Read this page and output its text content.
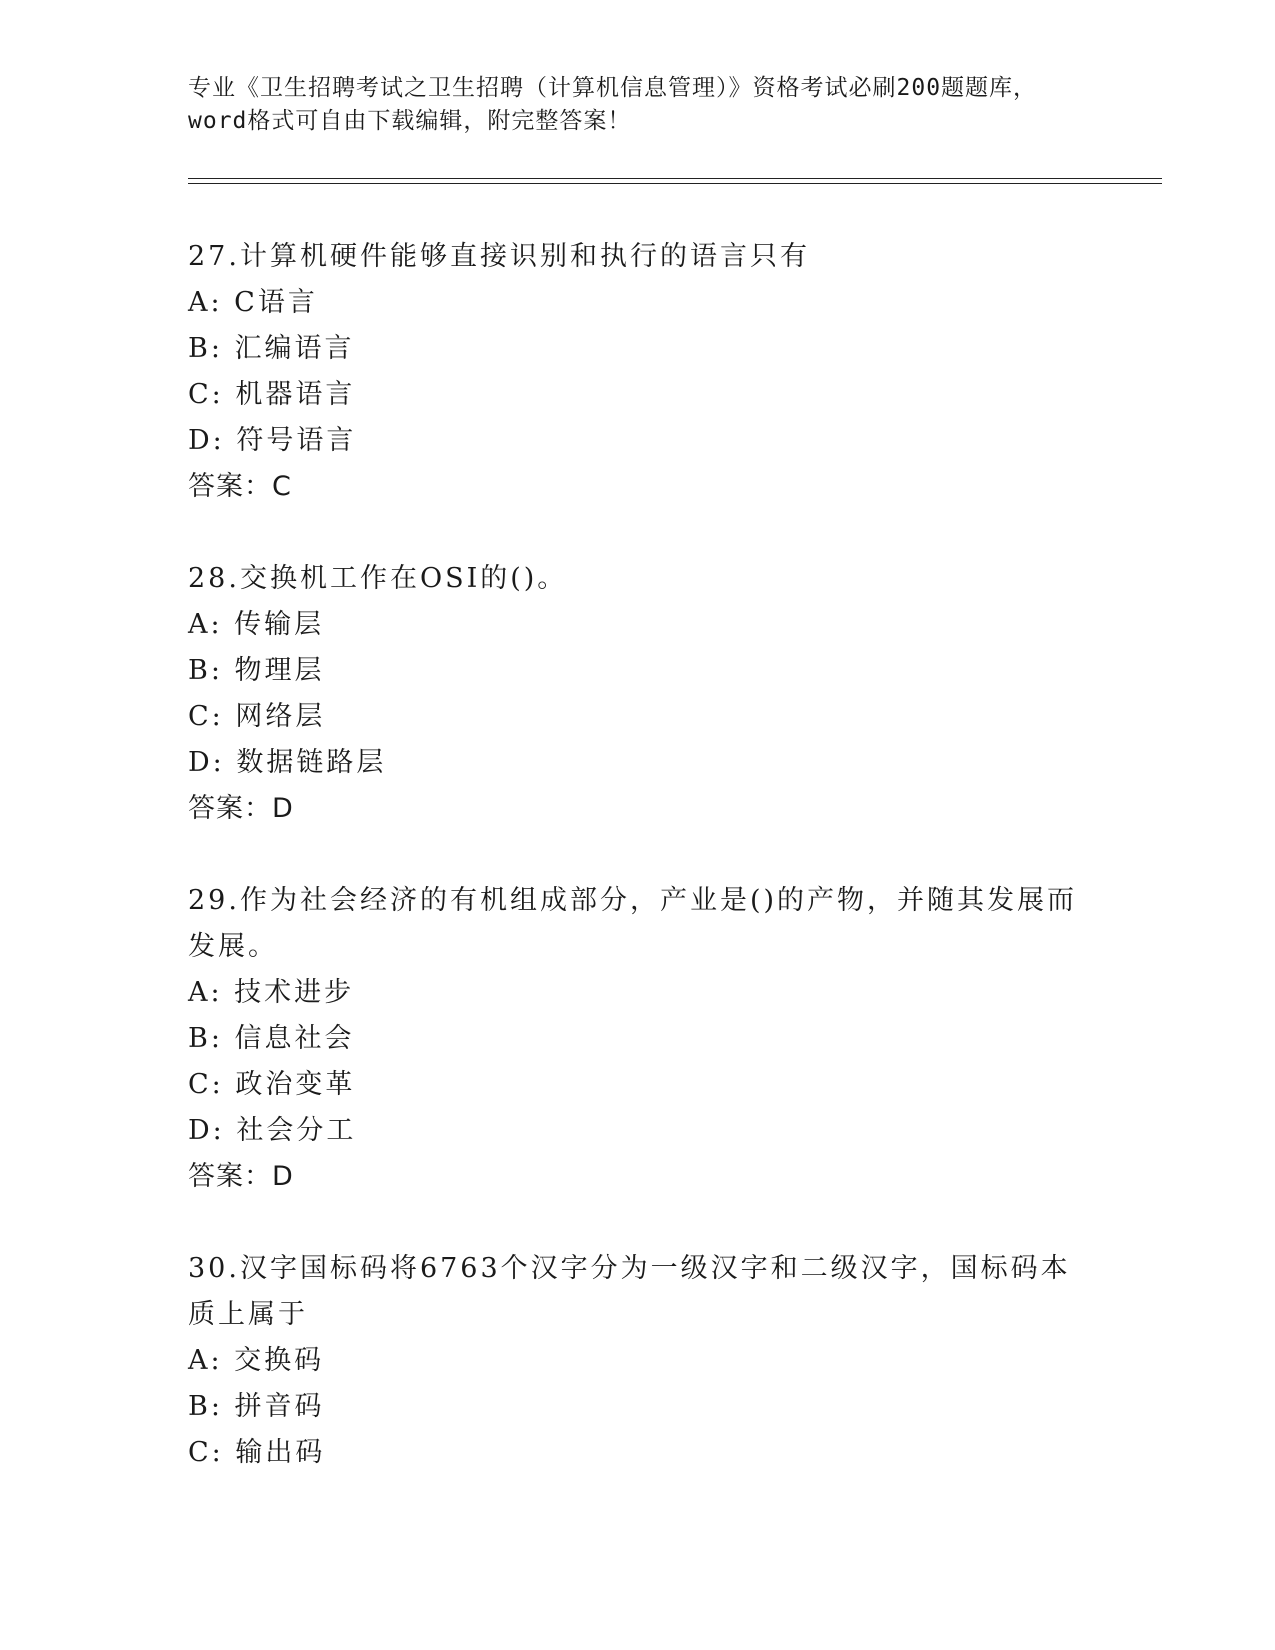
专业《卫生招聘考试之卫生招聘（计算机信息管理）》资格考试必刷200题题库，
word格式可自由下载编辑，附完整答案！

27.计算机硬件能够直接识别和执行的语言只有

A: C语言

B: 汇编语言

C: 机器语言

D: 符号语言

答案：C

28.交换机工作在OSI的()。

A: 传输层

B: 物理层

C: 网络层

D: 数据链路层

答案：D

29.作为社会经济的有机组成部分，产业是()的产物，并随其发展而发展。

A: 技术进步

B: 信息社会

C: 政治变革

D: 社会分工

答案：D

30.汉字国标码将6763个汉字分为一级汉字和二级汉字，国标码本质上属于

A: 交换码

B: 拼音码

C: 输出码
